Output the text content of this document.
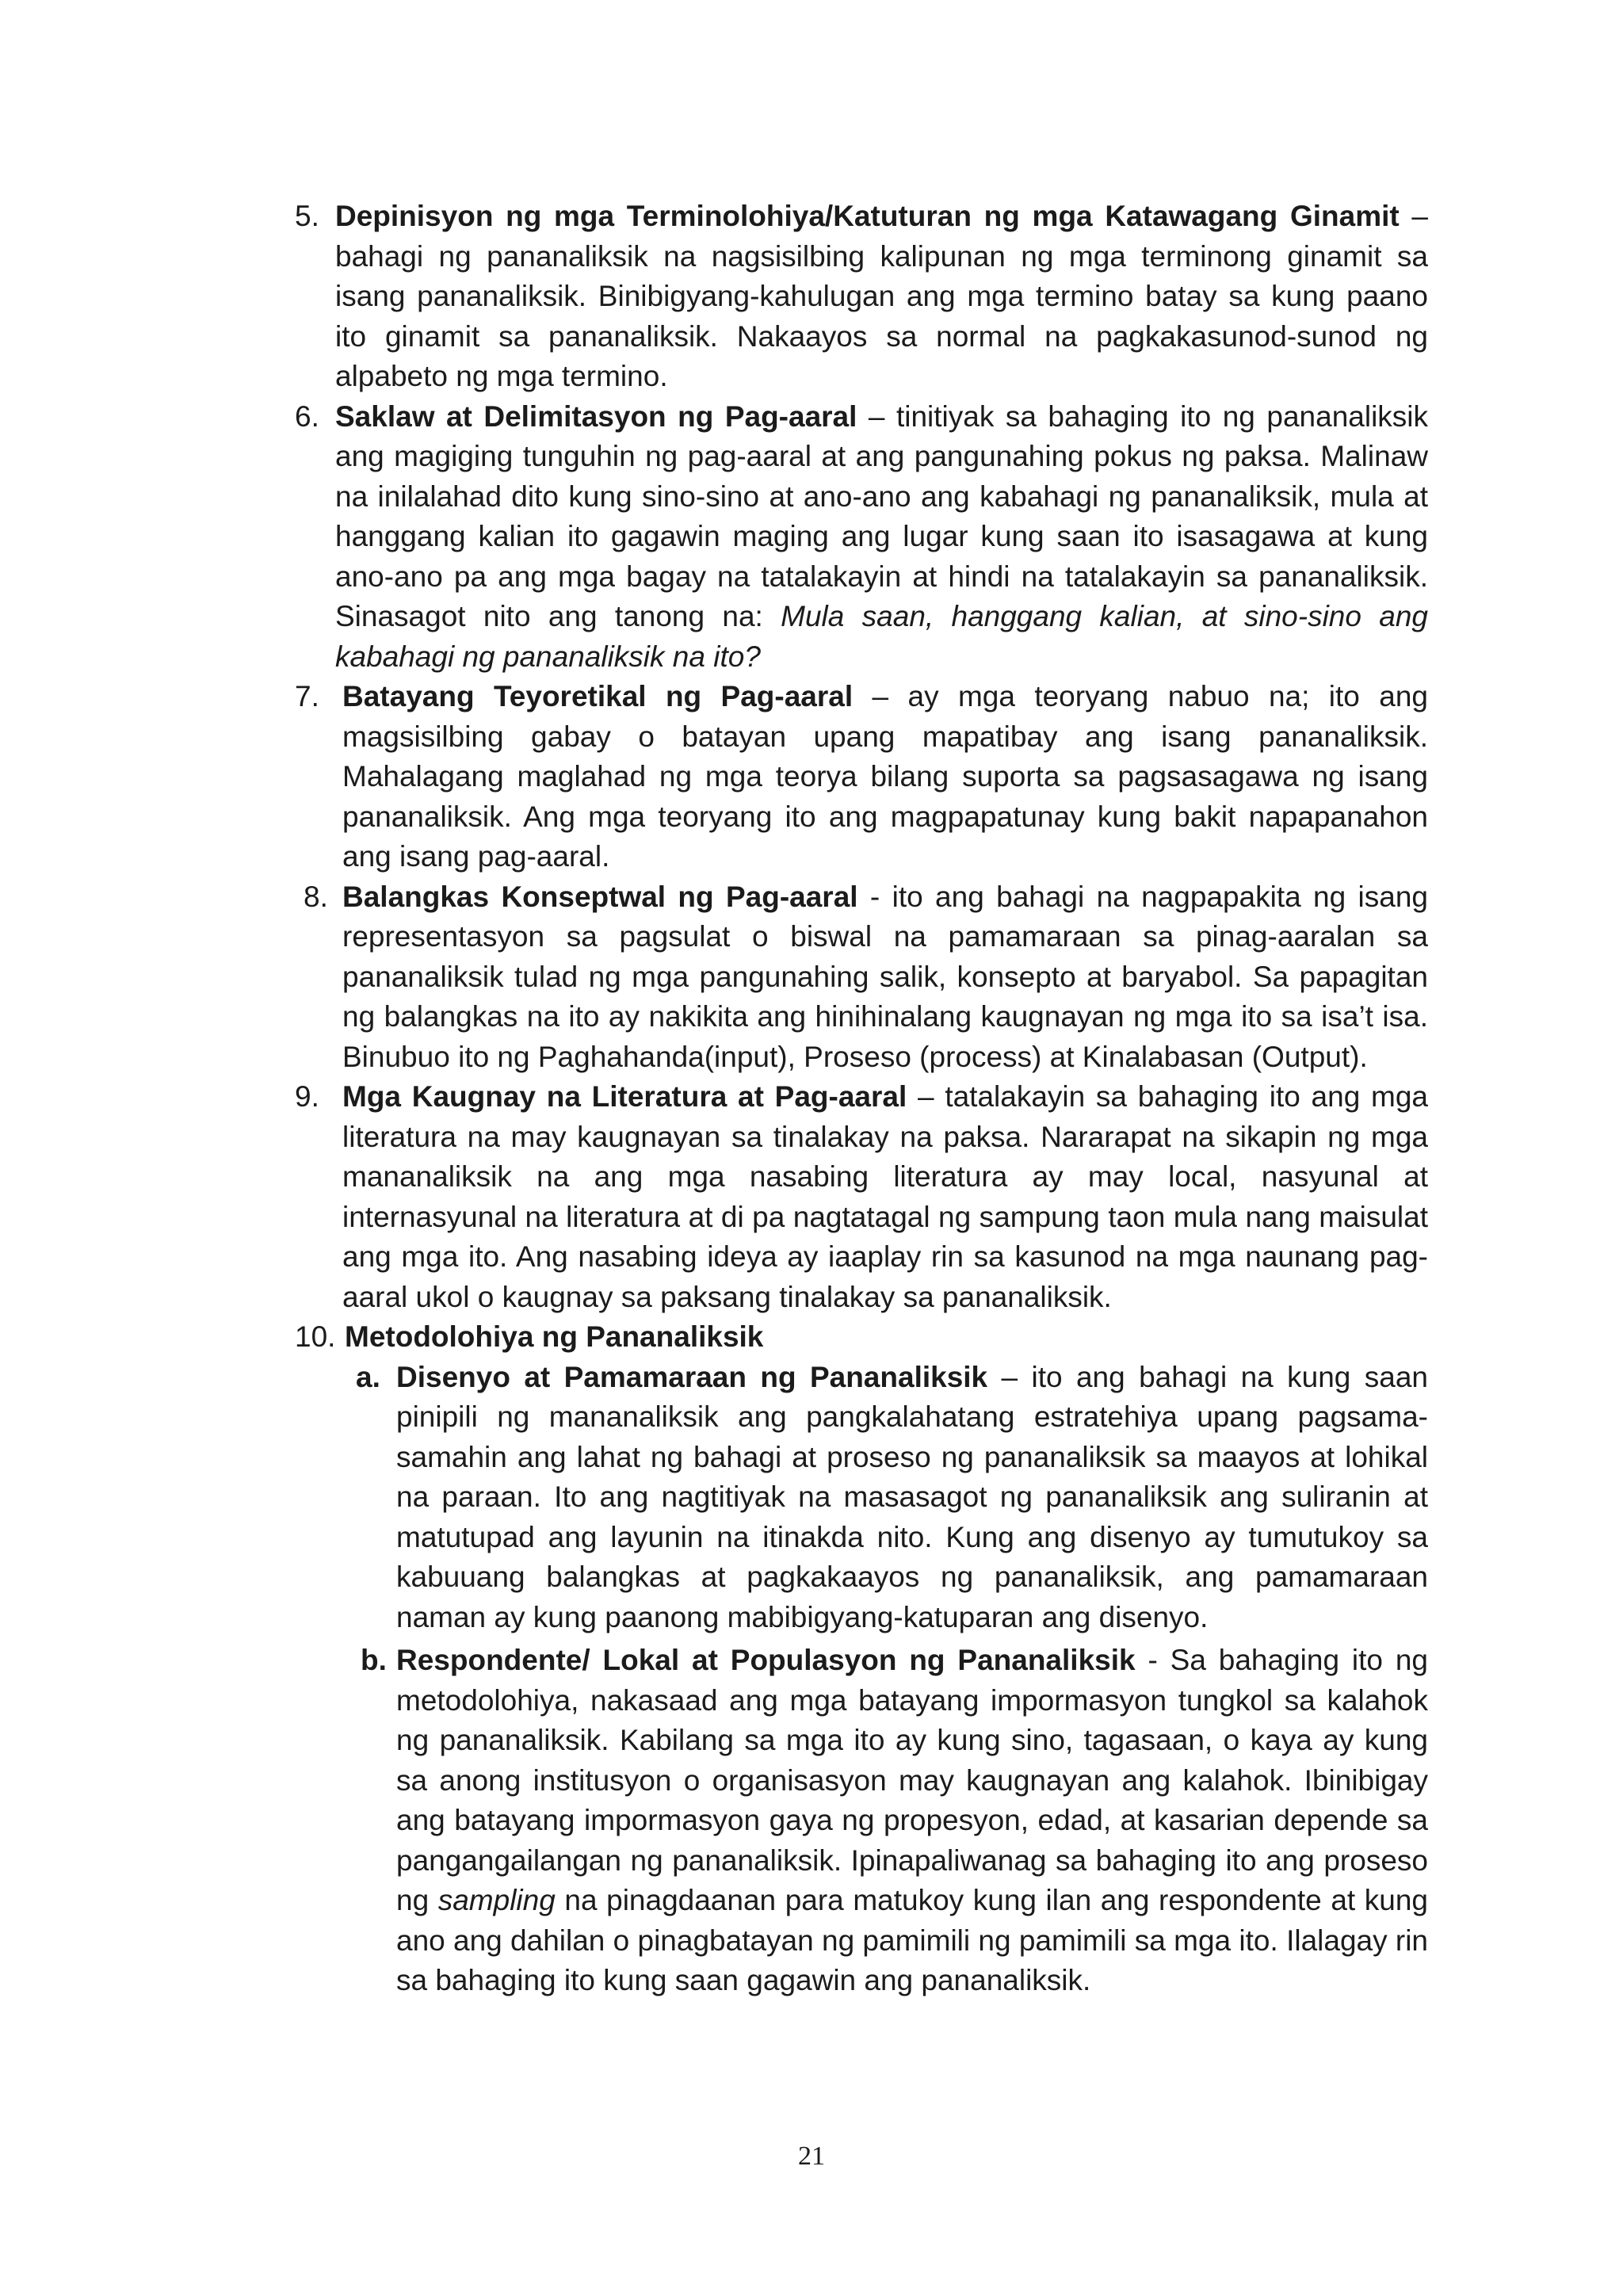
5. Depinisyon ng mga Terminolohiya/Katuturan ng mga Katawagang Ginamit – bahagi ng pananaliksik na nagsisilbing kalipunan ng mga terminong ginamit sa isang pananaliksik. Binibigyang-kahulugan ang mga termino batay sa kung paano ito ginamit sa pananaliksik. Nakaayos sa normal na pagkakasunod-sunod ng alpabeto ng mga termino.
6. Saklaw at Delimitasyon ng Pag-aaral – tinitiyak sa bahaging ito ng pananaliksik ang magiging tunguhin ng pag-aaral at ang pangunahing pokus ng paksa. Malinaw na inilalahad dito kung sino-sino at ano-ano ang kabahagi ng pananaliksik, mula at hanggang kalian ito gagawin maging ang lugar kung saan ito isasagawa at kung ano-ano pa ang mga bagay na tatalakayin at hindi na tatalakayin sa pananaliksik. Sinasagot nito ang tanong na: Mula saan, hanggang kalian, at sino-sino ang kabahagi ng pananaliksik na ito?
7. Batayang Teyoretikal ng Pag-aaral – ay mga teoryang nabuo na; ito ang magsisilbing gabay o batayan upang mapatibay ang isang pananaliksik. Mahalagang maglahad ng mga teorya bilang suporta sa pagsasagawa ng isang pananaliksik. Ang mga teoryang ito ang magpapatunay kung bakit napapanahon ang isang pag-aaral.
8. Balangkas Konseptwal ng Pag-aaral - ito ang bahagi na nagpapakita ng isang representasyon sa pagsulat o biswal na pamamaraan sa pinag-aaralan sa pananaliksik tulad ng mga pangunahing salik, konsepto at baryabol. Sa papagitan ng balangkas na ito ay nakikita ang hinihinalang kaugnayan ng mga ito sa isa’t isa. Binubuo ito ng Paghahanda(input), Proseso (process) at Kinalabasan (Output).
9. Mga Kaugnay na Literatura at Pag-aaral – tatalakayin sa bahaging ito ang mga literatura na may kaugnayan sa tinalakay na paksa. Nararapat na sikapin ng mga mananaliksik na ang mga nasabing literatura ay may local, nasyunal at internasyunal na literatura at di pa nagtatagal ng sampung taon mula nang maisulat ang mga ito. Ang nasabing ideya ay iaaplay rin sa kasunod na mga naunang pag-aaral ukol o kaugnay sa paksang tinalakay sa pananaliksik.
10. Metodolohiya ng Pananaliksik
a. Disenyo at Pamamaraan ng Pananaliksik – ito ang bahagi na kung saan pinipili ng mananaliksik ang pangkalahatang estratehiya upang pagsama-samahin ang lahat ng bahagi at proseso ng pananaliksik sa maayos at lohikal na paraan. Ito ang nagtitiyak na masasagot ng pananaliksik ang suliranin at matutupad ang layunin na itinakda nito. Kung ang disenyo ay tumutukoy sa kabuuang balangkas at pagkakaayos ng pananaliksik, ang pamamaraan naman ay kung paanong mabibigyang-katuparan ang disenyo.
b. Respondente/ Lokal at Populasyon ng Pananaliksik - Sa bahaging ito ng metodolohiya, nakasaad ang mga batayang impormasyon tungkol sa kalahok ng pananaliksik. Kabilang sa mga ito ay kung sino, tagasaan, o kaya ay kung sa anong institusyon o organisasyon may kaugnayan ang kalahok. Ibinibigay ang batayang impormasyon gaya ng propesyon, edad, at kasarian depende sa pangangailangan ng pananaliksik. Ipinapaliwanag sa bahaging ito ang proseso ng sampling na pinagdaanan para matukoy kung ilan ang respondente at kung ano ang dahilan o pinagbatayan ng pamimili ng pamimili sa mga ito. Ilalagay rin sa bahaging ito kung saan gagawin ang pananaliksik.
21
